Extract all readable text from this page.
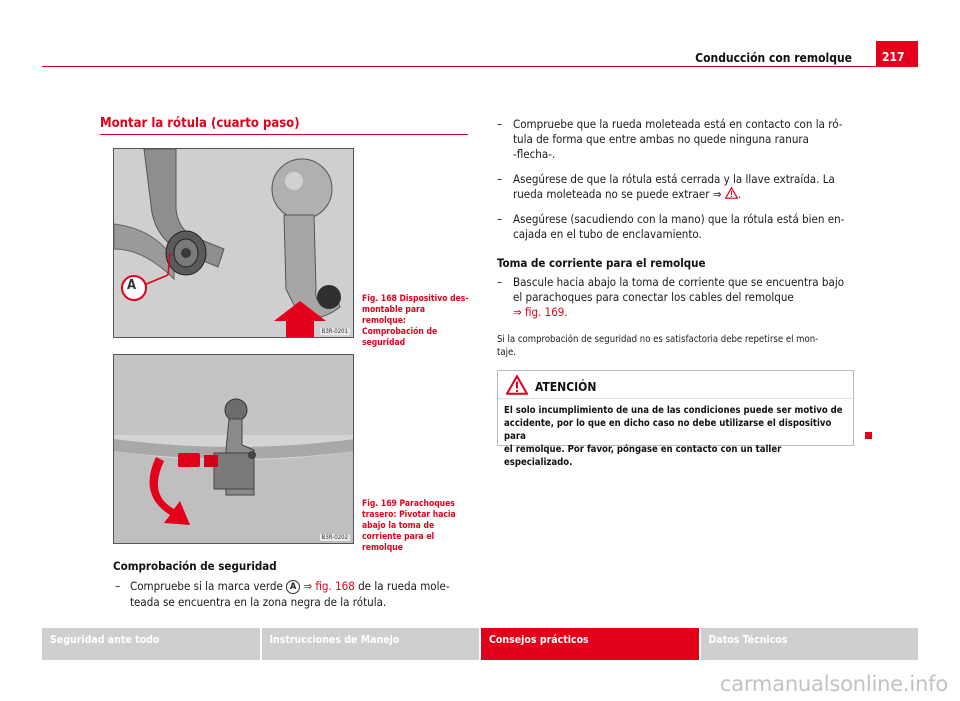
Conducción con remolque	217
Montar la rótula (cuarto paso)
A
B3R-0201
Fig. 168 Dispositivo desmontable para remolque: Comprobación de seguridad
B3R-0202
Fig. 169 Parachoques trasero: Pivotar hacia abajo la toma de corriente para el remolque
Comprobación de seguridad
– Compruebe si la marca verde A ⇒ fig. 168 de la rueda mole-
teada se encuentra en la zona negra de la rótula.
– Compruebe que la rueda moleteada está en contacto con la ró-
tula de forma que entre ambas no quede ninguna ranura
-flecha-.
– Asegúrese de que la rótula está cerrada y la llave extraída. La
rueda moleteada no se puede extraer ⇒ .
– Asegúrese (sacudiendo con la mano) que la rótula está bien en-
cajada en el tubo de enclavamiento.
Toma de corriente para el remolque
– Bascule hacia abajo la toma de corriente que se encuentra bajo
el parachoques para conectar los cables del remolque
⇒ fig. 169.
Si la comprobación de seguridad no es satisfactoria debe repetirse el mon-
taje.
ATENCIÓN
El solo incumplimiento de una de las condiciones puede ser motivo de
accidente, por lo que en dicho caso no debe utilizarse el dispositivo para
el remolque. Por favor, póngase en contacto con un taller especializado.
Seguridad ante todo	Instrucciones de Manejo	Consejos prácticos	Datos Técnicos
carmanualsonline.info
